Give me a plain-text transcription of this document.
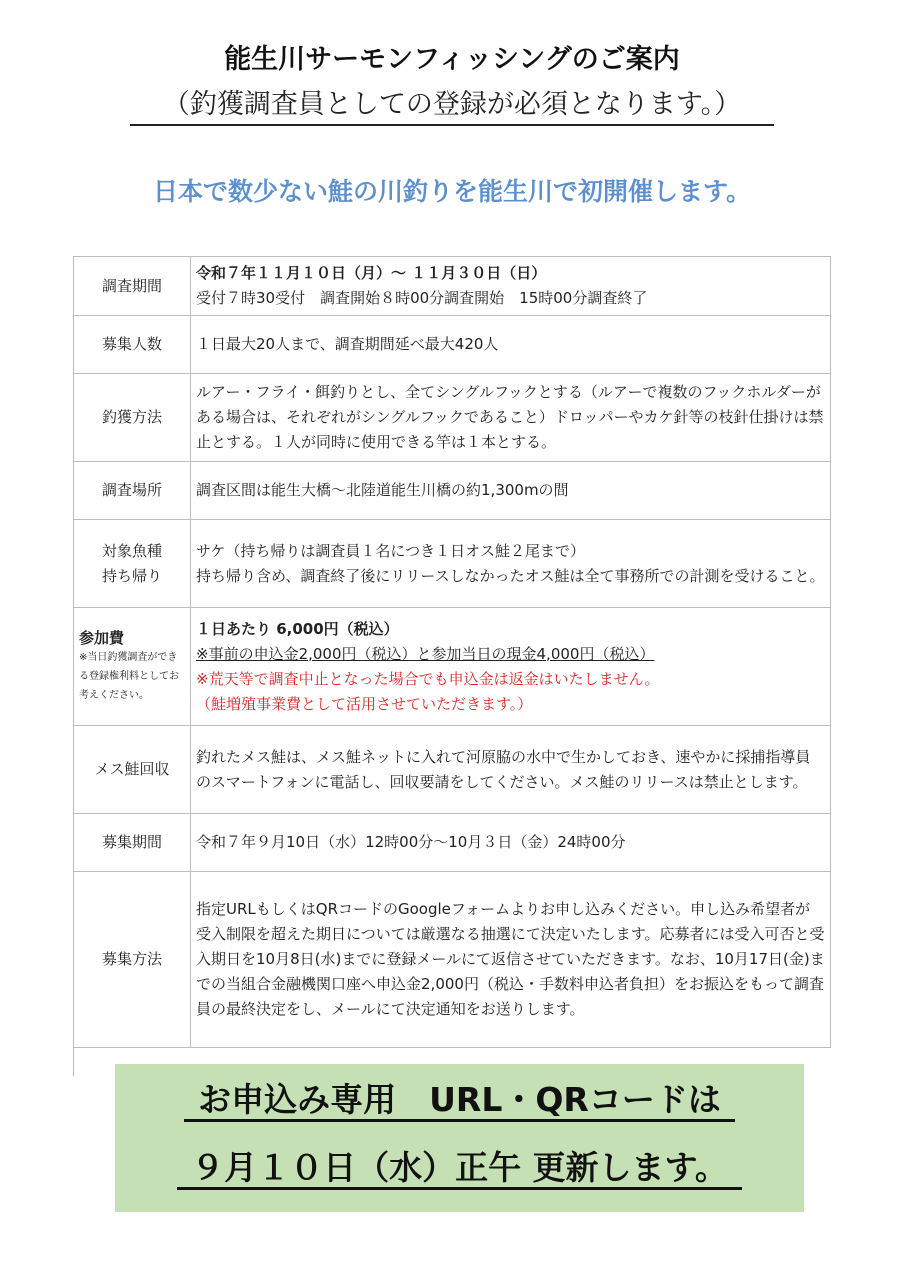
能生川サーモンフィッシングのご案内
（釣獲調査員としての登録が必須となります。）
日本で数少ない鮭の川釣りを能生川で初開催します。
調査期間	令和７年１１月１０日（月）～ １１月３０日（日）
受付７時30受付　調査開始８時00分調査開始　15時00分調査終了

募集人数	１日最大20人まで、調査期間延べ最大420人
釣獲方法	ルアー・フライ・餌釣りとし、全てシングルフックとする（ルアーで複数のフックホルダーがある場合は、それぞれがシングルフックであること）ドロッパーやカケ針等の枝針仕掛けは禁止とする。１人が同時に使用できる竿は１本とする。
調査場所	調査区間は能生大橋～北陸道能生川橋の約1,300mの間

対象魚種
持ち帰り	サケ（持ち帰りは調査員１名につき１日オス鮭２尾まで）
持ち帰り含め、調査終了後にリリースしなかったオス鮭は全て事務所での計測を受けること。

参加費
※当日釣獲調査ができる登録権利料としてお考えください。	１日あたり 6,000円（税込）
※事前の申込金2,000円（税込）と参加当日の現金4,000円（税込）
※荒天等で調査中止となった場合でも申込金は返金はいたしません。
（鮭増殖事業費として活用させていただきます。）

メス鮭回収	釣れたメス鮭は、メス鮭ネットに入れて河原脇の水中で生かしておき、速やかに採捕指導員のスマートフォンに電話し、回収要請をしてください。メス鮭のリリースは禁止とします。
募集期間	令和７年９月10日（水）12時00分～10月３日（金）24時00分
募集方法	指定URLもしくはQRコードのGoogleフォームよりお申し込みください。申し込み希望者が受入制限を超えた期日については厳選なる抽選にて決定いたします。応募者には受入可否と受入期日を10月8日(水)までに登録メールにて返信させていただきます。なお、10月17日(金)までの当組合金融機関口座へ申込金2,000円（税込・手数料申込者負担）をお振込をもって調査員の最終決定をし、メールにて決定通知をお送りします。
お申込み専用　URL・QRコードは
９月１０日（水）正午 更新します。
